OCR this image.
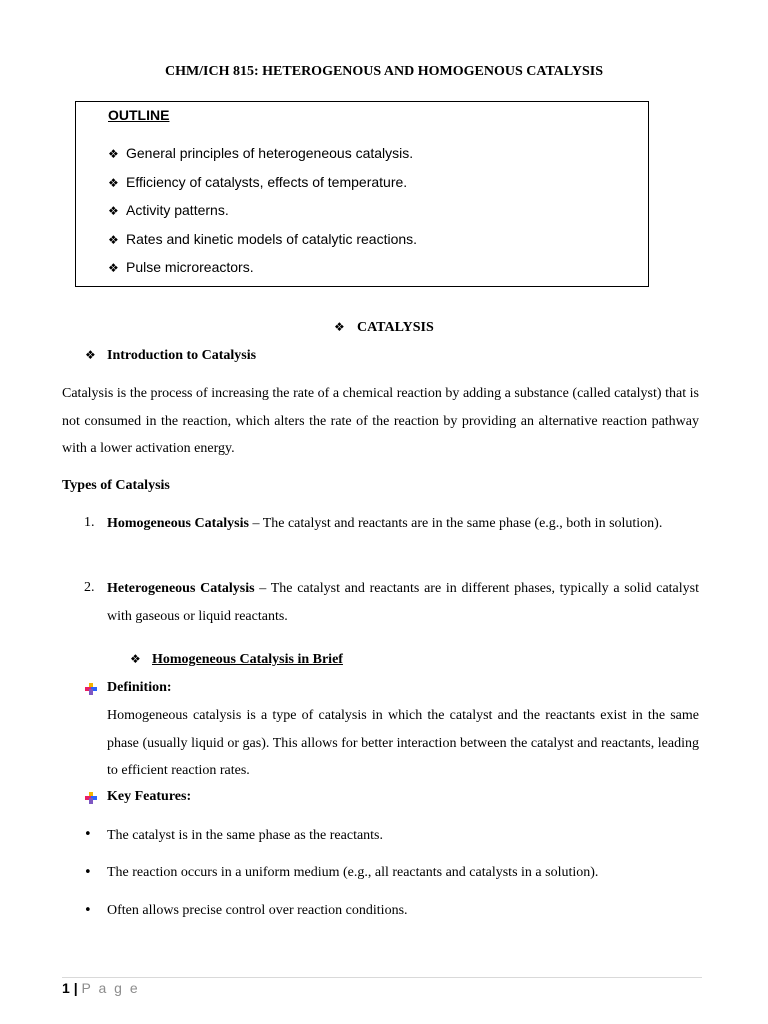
CHM/ICH 815: HETEROGENOUS AND HOMOGENOUS CATALYSIS
OUTLINE
❖ General principles of heterogeneous catalysis.
❖ Efficiency of catalysts, effects of temperature.
❖ Activity patterns.
❖ Rates and kinetic models of catalytic reactions.
❖ Pulse microreactors.
❖ CATALYSIS
❖ Introduction to Catalysis
Catalysis is the process of increasing the rate of a chemical reaction by adding a substance (called catalyst) that is not consumed in the reaction, which alters the rate of the reaction by providing an alternative reaction pathway with a lower activation energy.
Types of Catalysis
1. Homogeneous Catalysis – The catalyst and reactants are in the same phase (e.g., both in solution).
2. Heterogeneous Catalysis – The catalyst and reactants are in different phases, typically a solid catalyst with gaseous or liquid reactants.
❖ Homogeneous Catalysis in Brief
Definition:
Homogeneous catalysis is a type of catalysis in which the catalyst and the reactants exist in the same phase (usually liquid or gas). This allows for better interaction between the catalyst and reactants, leading to efficient reaction rates.
Key Features:
• The catalyst is in the same phase as the reactants.
• The reaction occurs in a uniform medium (e.g., all reactants and catalysts in a solution).
• Often allows precise control over reaction conditions.
1 | P a g e
